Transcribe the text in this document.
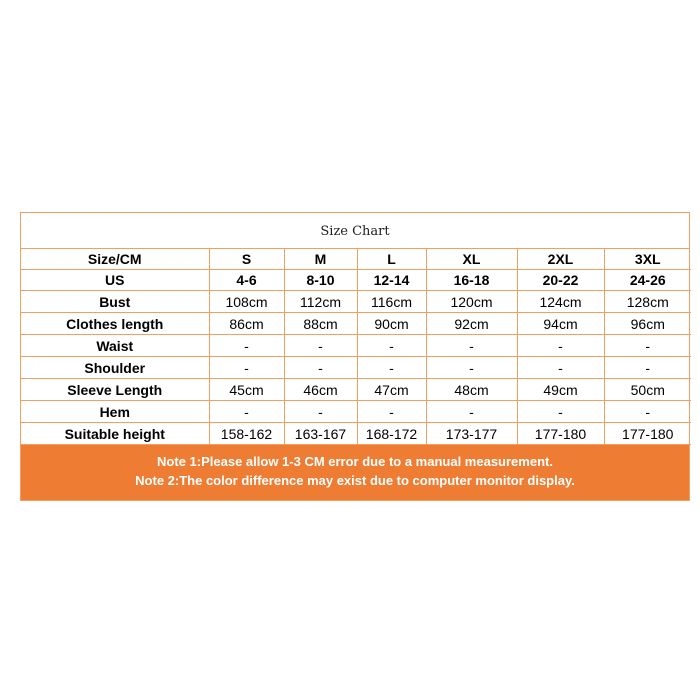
Size Chart
Size/CM	S	M	L	XL	2XL	3XL
US	4-6	8-10	12-14	16-18	20-22	24-26
Bust	108cm	112cm	116cm	120cm	124cm	128cm
Clothes length	86cm	88cm	90cm	92cm	94cm	96cm
Waist	-	-	-	-	-	-
Shoulder	-	-	-	-	-	-
Sleeve Length	45cm	46cm	47cm	48cm	49cm	50cm
Hem	-	-	-	-	-	-
Suitable height	158-162	163-167	168-172	173-177	177-180	177-180
Note 1:Please allow 1-3 CM error due to a manual measurement.
Note 2:The color difference may exist due to computer monitor display.
